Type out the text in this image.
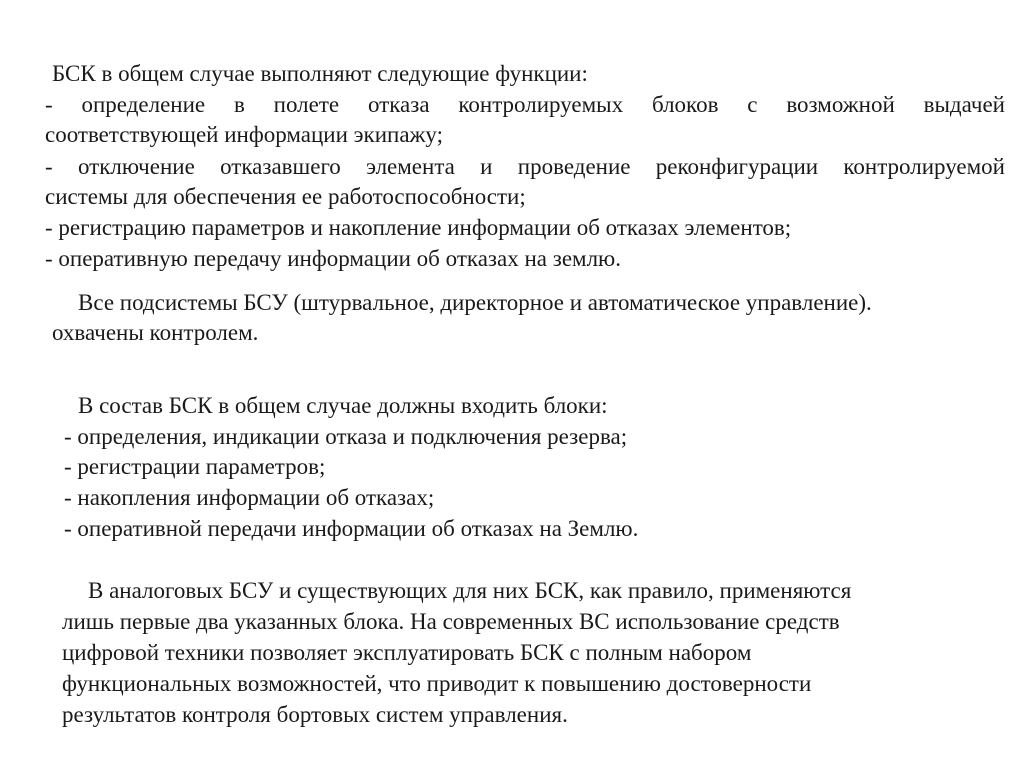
БСК в общем случае выполняют следующие функции:

- определение в полете отказа контролируемых блоков с возможной выдачей

соответствующей информации экипажу;

- отключение отказавшего элемента и проведение реконфигурации контролируемой

системы для обеспечения ее работоспособности;

- регистрацию параметров и накопление информации об отказах элементов;

- оперативную передачу информации об отказах на землю.

Все подсистемы БСУ (штурвальное, директорное и автоматическое управление).

охвачены контролем.

В состав БСК в общем случае должны входить блоки:

- определения, индикации отказа и подключения резерва;

- регистрации параметров;

- накопления информации об отказах;

- оперативной передачи информации об отказах на Землю.

В аналоговых БСУ и существующих для них БСК, как правило, применяются

лишь первые два указанных блока. На современных ВС использование средств

цифровой техники позволяет эксплуатировать БСК с полным набором

функциональных возможностей, что приводит к повышению достоверности

результатов контроля бортовых систем управления.
